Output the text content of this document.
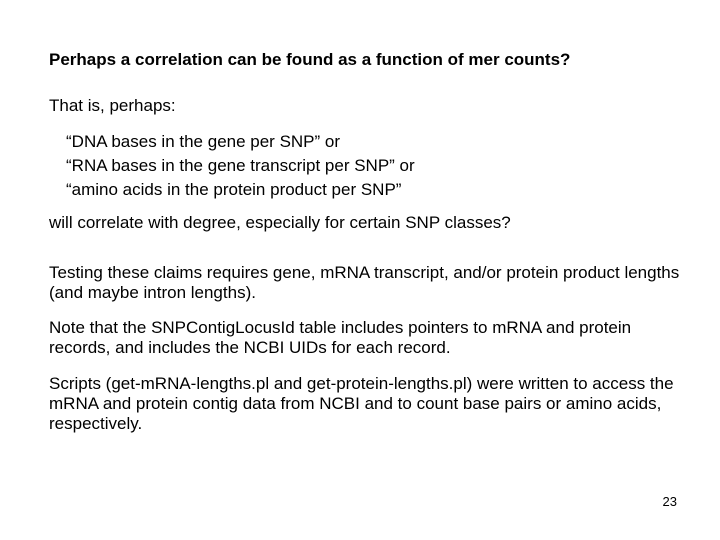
Perhaps a correlation can be found as a function of mer counts?

That is, perhaps:

“DNA bases in the gene per SNP” or
“RNA bases in the gene transcript per SNP” or
“amino acids in the protein product per SNP”

will correlate with degree, especially for certain SNP classes?

Testing these claims requires gene, mRNA transcript, and/or protein product lengths (and maybe intron lengths).

Note that the SNPContigLocusId table includes pointers to mRNA and protein records, and includes the NCBI UIDs for each record.

Scripts (get-mRNA-lengths.pl and get-protein-lengths.pl) were written to access the mRNA and protein contig data from NCBI and to count base pairs or amino acids, respectively.

23
